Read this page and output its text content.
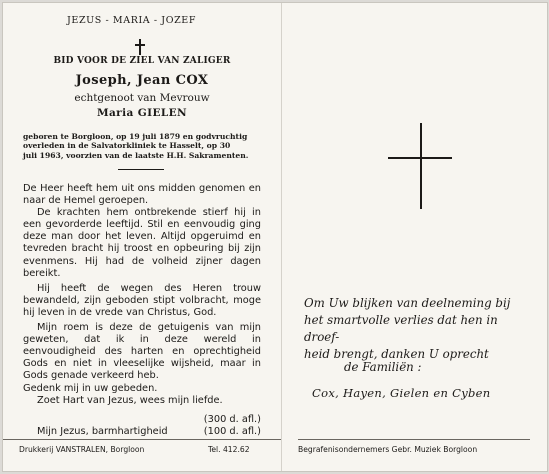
JEZUS - MARIA - JOZEF
BID VOOR DE ZIEL VAN ZALIGER
Joseph, Jean COX
echtgenoot van Mevrouw
Maria GIELEN
geboren te Borgloon, op 19 juli 1879 en godvruchtig
overleden in de Salvatorkliniek te Hasselt, op 30
juli 1963, voorzien van de laatste H.H. Sakramenten.

De Heer heeft hem uit ons midden genomen en naar de Hemel geroepen.

De krachten hem ontbrekende stierf hij in een gevorderde leeftijd. Stil en eenvoudig ging deze man door het leven. Altijd opgeruimd en tevreden bracht hij troost en opbeuring bij zijn evenmens. Hij had de volheid zijner dagen bereikt.

Hij heeft de wegen des Heren trouw bewandeld, zijn geboden stipt volbracht, moge hij leven in de vrede van Christus, God.

Mijn roem is deze de getuigenis van mijn geweten, dat ik in deze wereld in eenvoudigheid des harten en oprechtigheid Gods en niet in vleeselijke wijsheid, maar in Gods genade verkeerd heb.

Gedenk mij in uw gebeden.

Zoet Hart van Jezus, wees mijn liefde.

(300 d. afl.)
Mijn Jezus, barmhartigheid	(100 d. afl.)
Drukkerij VANSTRALEN, Borgloon	Tel. 412.62
Om Uw blijken van deelneming bij
het smartvolle verlies dat hen in droef-
heid brengt, danken U oprecht
de Familiën :
Cox, Hayen, Gielen en Cyben
Begrafenisondernemers Gebr. Muziek Borgloon
